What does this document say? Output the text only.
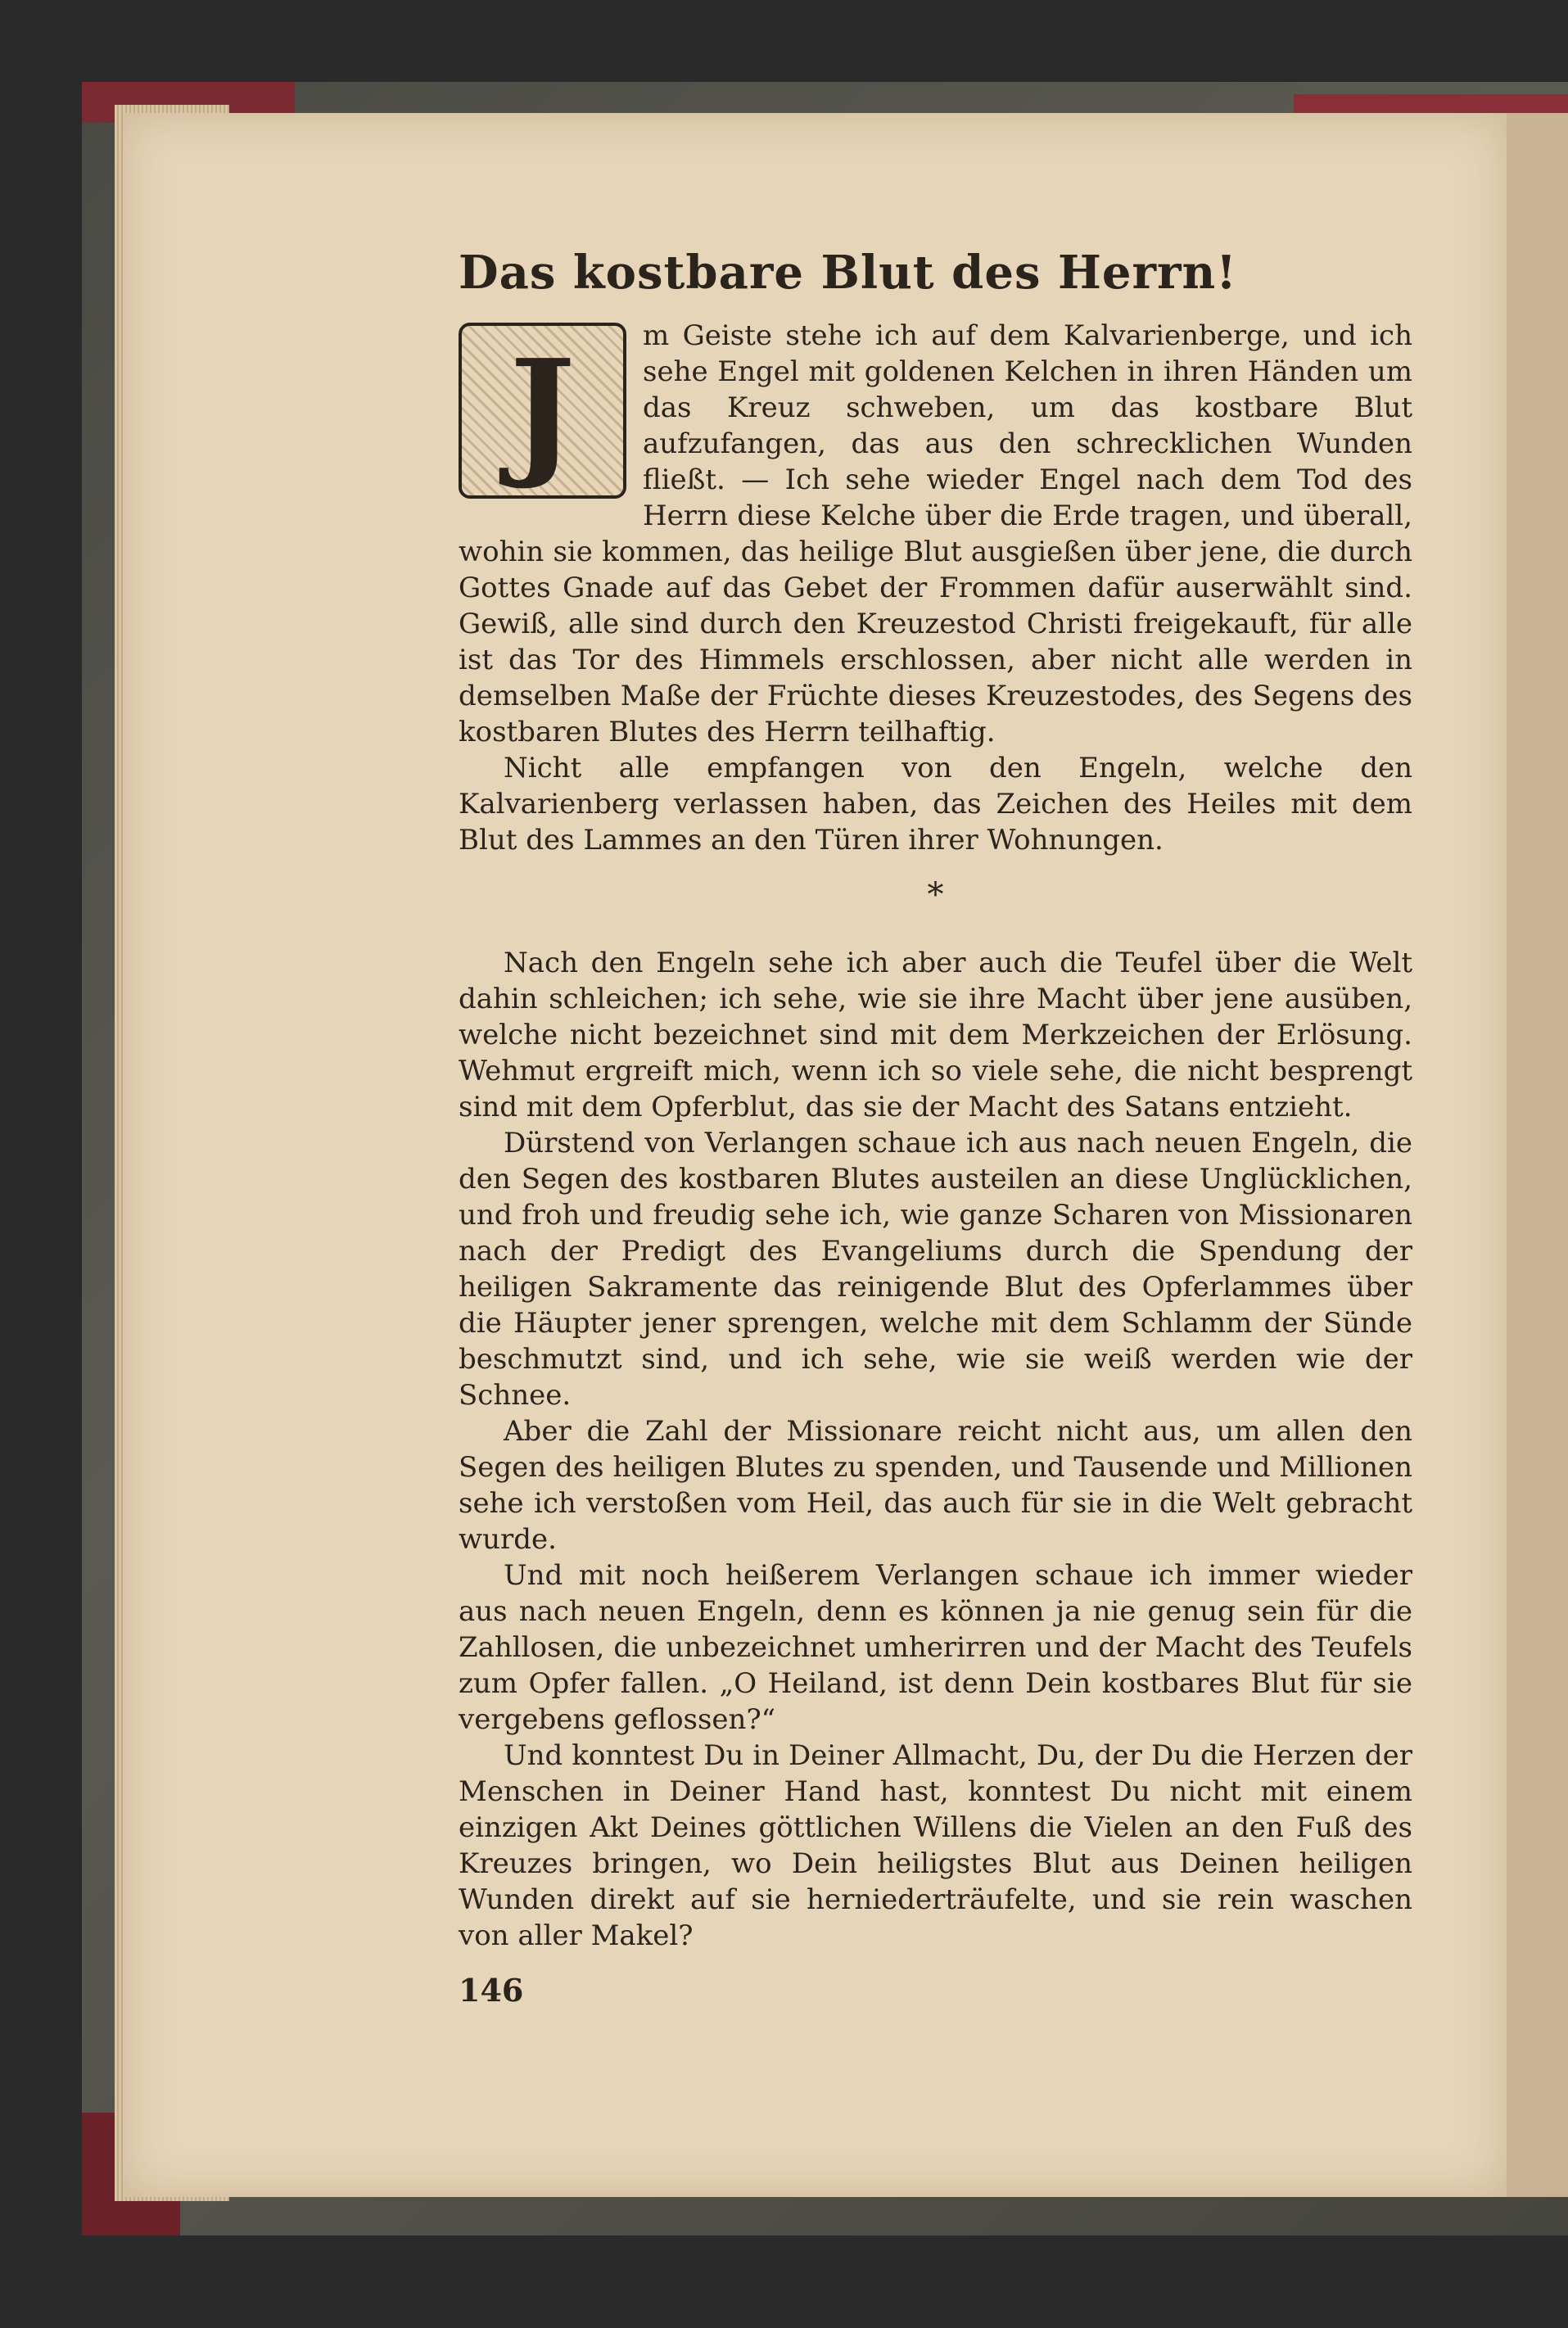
Das kostbare Blut des Herrn!
J	m Geiste stehe ich auf dem Kalvarienberge, und ich sehe Engel mit goldenen Kelchen in ihren Händen um das Kreuz schweben, um das kostbare Blut aufzufangen, das aus den schrecklichen Wunden fließt. — Ich sehe wieder Engel nach dem Tod des Herrn diese Kelche über die Erde tragen, und überall, wohin sie kommen, das heilige Blut ausgießen über jene, die durch Gottes Gnade auf das Gebet der Frommen dafür auserwählt sind. Gewiß, alle sind durch den Kreuzestod Christi freigekauft, für alle ist das Tor des Himmels erschlossen, aber nicht alle werden in demselben Maße der Früchte dieses Kreuzestodes, des Segens des kostbaren Blutes des Herrn teilhaftig.

Nicht alle empfangen von den Engeln, welche den Kalvarienberg verlassen haben, das Zeichen des Heiles mit dem Blut des Lammes an den Türen ihrer Wohnungen.

*

Nach den Engeln sehe ich aber auch die Teufel über die Welt dahin schleichen; ich sehe, wie sie ihre Macht über jene ausüben, welche nicht bezeichnet sind mit dem Merkzeichen der Erlösung. Wehmut ergreift mich, wenn ich so viele sehe, die nicht besprengt sind mit dem Opferblut, das sie der Macht des Satans entzieht.

Dürstend von Verlangen schaue ich aus nach neuen Engeln, die den Segen des kostbaren Blutes austeilen an diese Unglücklichen, und froh und freudig sehe ich, wie ganze Scharen von Missionaren nach der Predigt des Evangeliums durch die Spendung der heiligen Sakramente das reinigende Blut des Opferlammes über die Häupter jener sprengen, welche mit dem Schlamm der Sünde beschmutzt sind, und ich sehe, wie sie weiß werden wie der Schnee.

Aber die Zahl der Missionare reicht nicht aus, um allen den Segen des heiligen Blutes zu spenden, und Tausende und Millionen sehe ich verstoßen vom Heil, das auch für sie in die Welt gebracht wurde.

Und mit noch heißerem Verlangen schaue ich immer wieder aus nach neuen Engeln, denn es können ja nie genug sein für die Zahllosen, die unbezeichnet umherirren und der Macht des Teufels zum Opfer fallen. „O Heiland, ist denn Dein kostbares Blut für sie vergebens geflossen?“

Und konntest Du in Deiner Allmacht, Du, der Du die Herzen der Menschen in Deiner Hand hast, konntest Du nicht mit einem einzigen Akt Deines göttlichen Willens die Vielen an den Fuß des Kreuzes bringen, wo Dein heiligstes Blut aus Deinen heiligen Wunden direkt auf sie herniederträufelte, und sie rein waschen von aller Makel?

146
